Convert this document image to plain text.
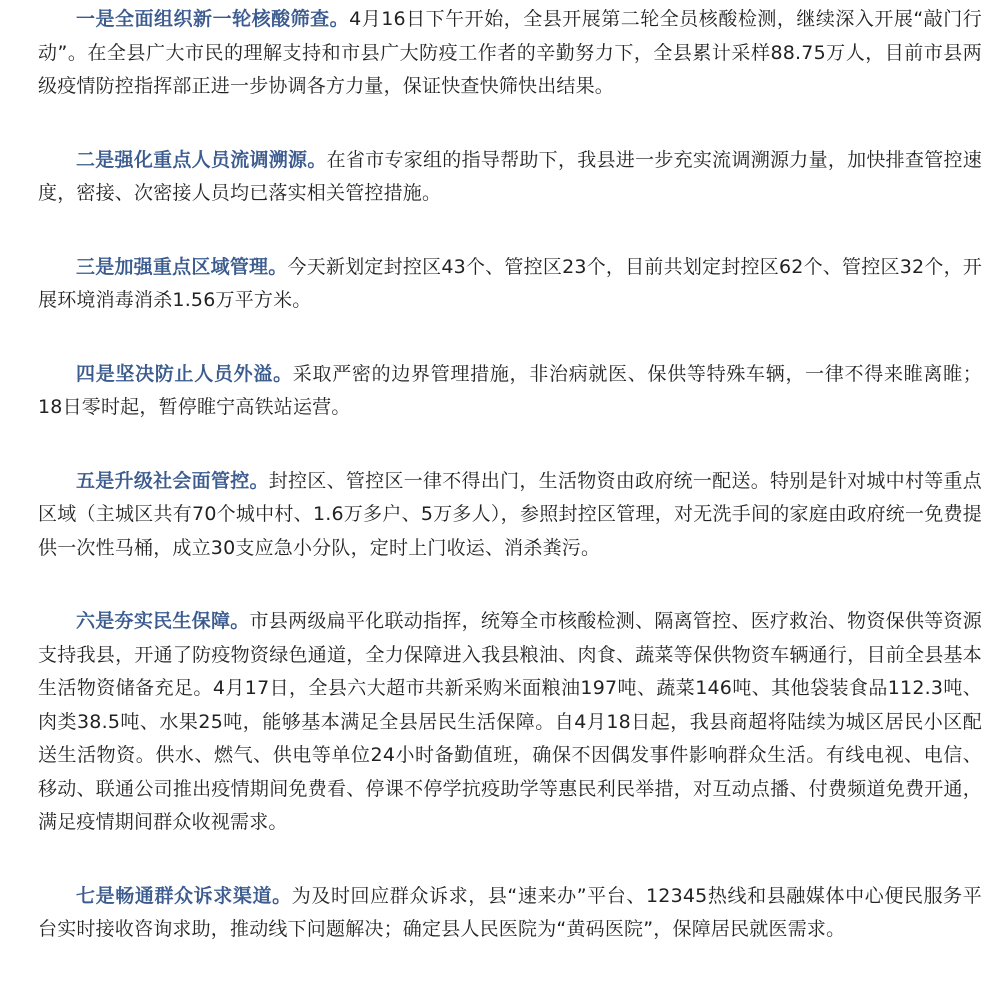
一是全面组织新一轮核酸筛查。4月16日下午开始，全县开展第二轮全员核酸检测，继续深入开展“敲门行动”。在全县广大市民的理解支持和市县广大防疫工作者的辛勤努力下，全县累计采样88.75万人，目前市县两级疫情防控指挥部正进一步协调各方力量，保证快查快筛快出结果。

二是强化重点人员流调溯源。在省市专家组的指导帮助下，我县进一步充实流调溯源力量，加快排查管控速度，密接、次密接人员均已落实相关管控措施。

三是加强重点区域管理。今天新划定封控区43个、管控区23个，目前共划定封控区62个、管控区32个，开展环境消毒消杀1.56万平方米。

四是坚决防止人员外溢。采取严密的边界管理措施，非治病就医、保供等特殊车辆，一律不得来睢离睢；18日零时起，暂停睢宁高铁站运营。

五是升级社会面管控。封控区、管控区一律不得出门，生活物资由政府统一配送。特别是针对城中村等重点区域（主城区共有70个城中村、1.6万多户、5万多人），参照封控区管理，对无洗手间的家庭由政府统一免费提供一次性马桶，成立30支应急小分队，定时上门收运、消杀粪污。

六是夯实民生保障。市县两级扁平化联动指挥，统筹全市核酸检测、隔离管控、医疗救治、物资保供等资源支持我县，开通了防疫物资绿色通道，全力保障进入我县粮油、肉食、蔬菜等保供物资车辆通行，目前全县基本生活物资储备充足。4月17日，全县六大超市共新采购米面粮油197吨、蔬菜146吨、其他袋装食品112.3吨、肉类38.5吨、水果25吨，能够基本满足全县居民生活保障。自4月18日起，我县商超将陆续为城区居民小区配送生活物资。供水、燃气、供电等单位24小时备勤值班，确保不因偶发事件影响群众生活。有线电视、电信、移动、联通公司推出疫情期间免费看、停课不停学抗疫助学等惠民利民举措，对互动点播、付费频道免费开通，满足疫情期间群众收视需求。

七是畅通群众诉求渠道。为及时回应群众诉求，县“速来办”平台、12345热线和县融媒体中心便民服务平台实时接收咨询求助，推动线下问题解决；确定县人民医院为“黄码医院”，保障居民就医需求。
